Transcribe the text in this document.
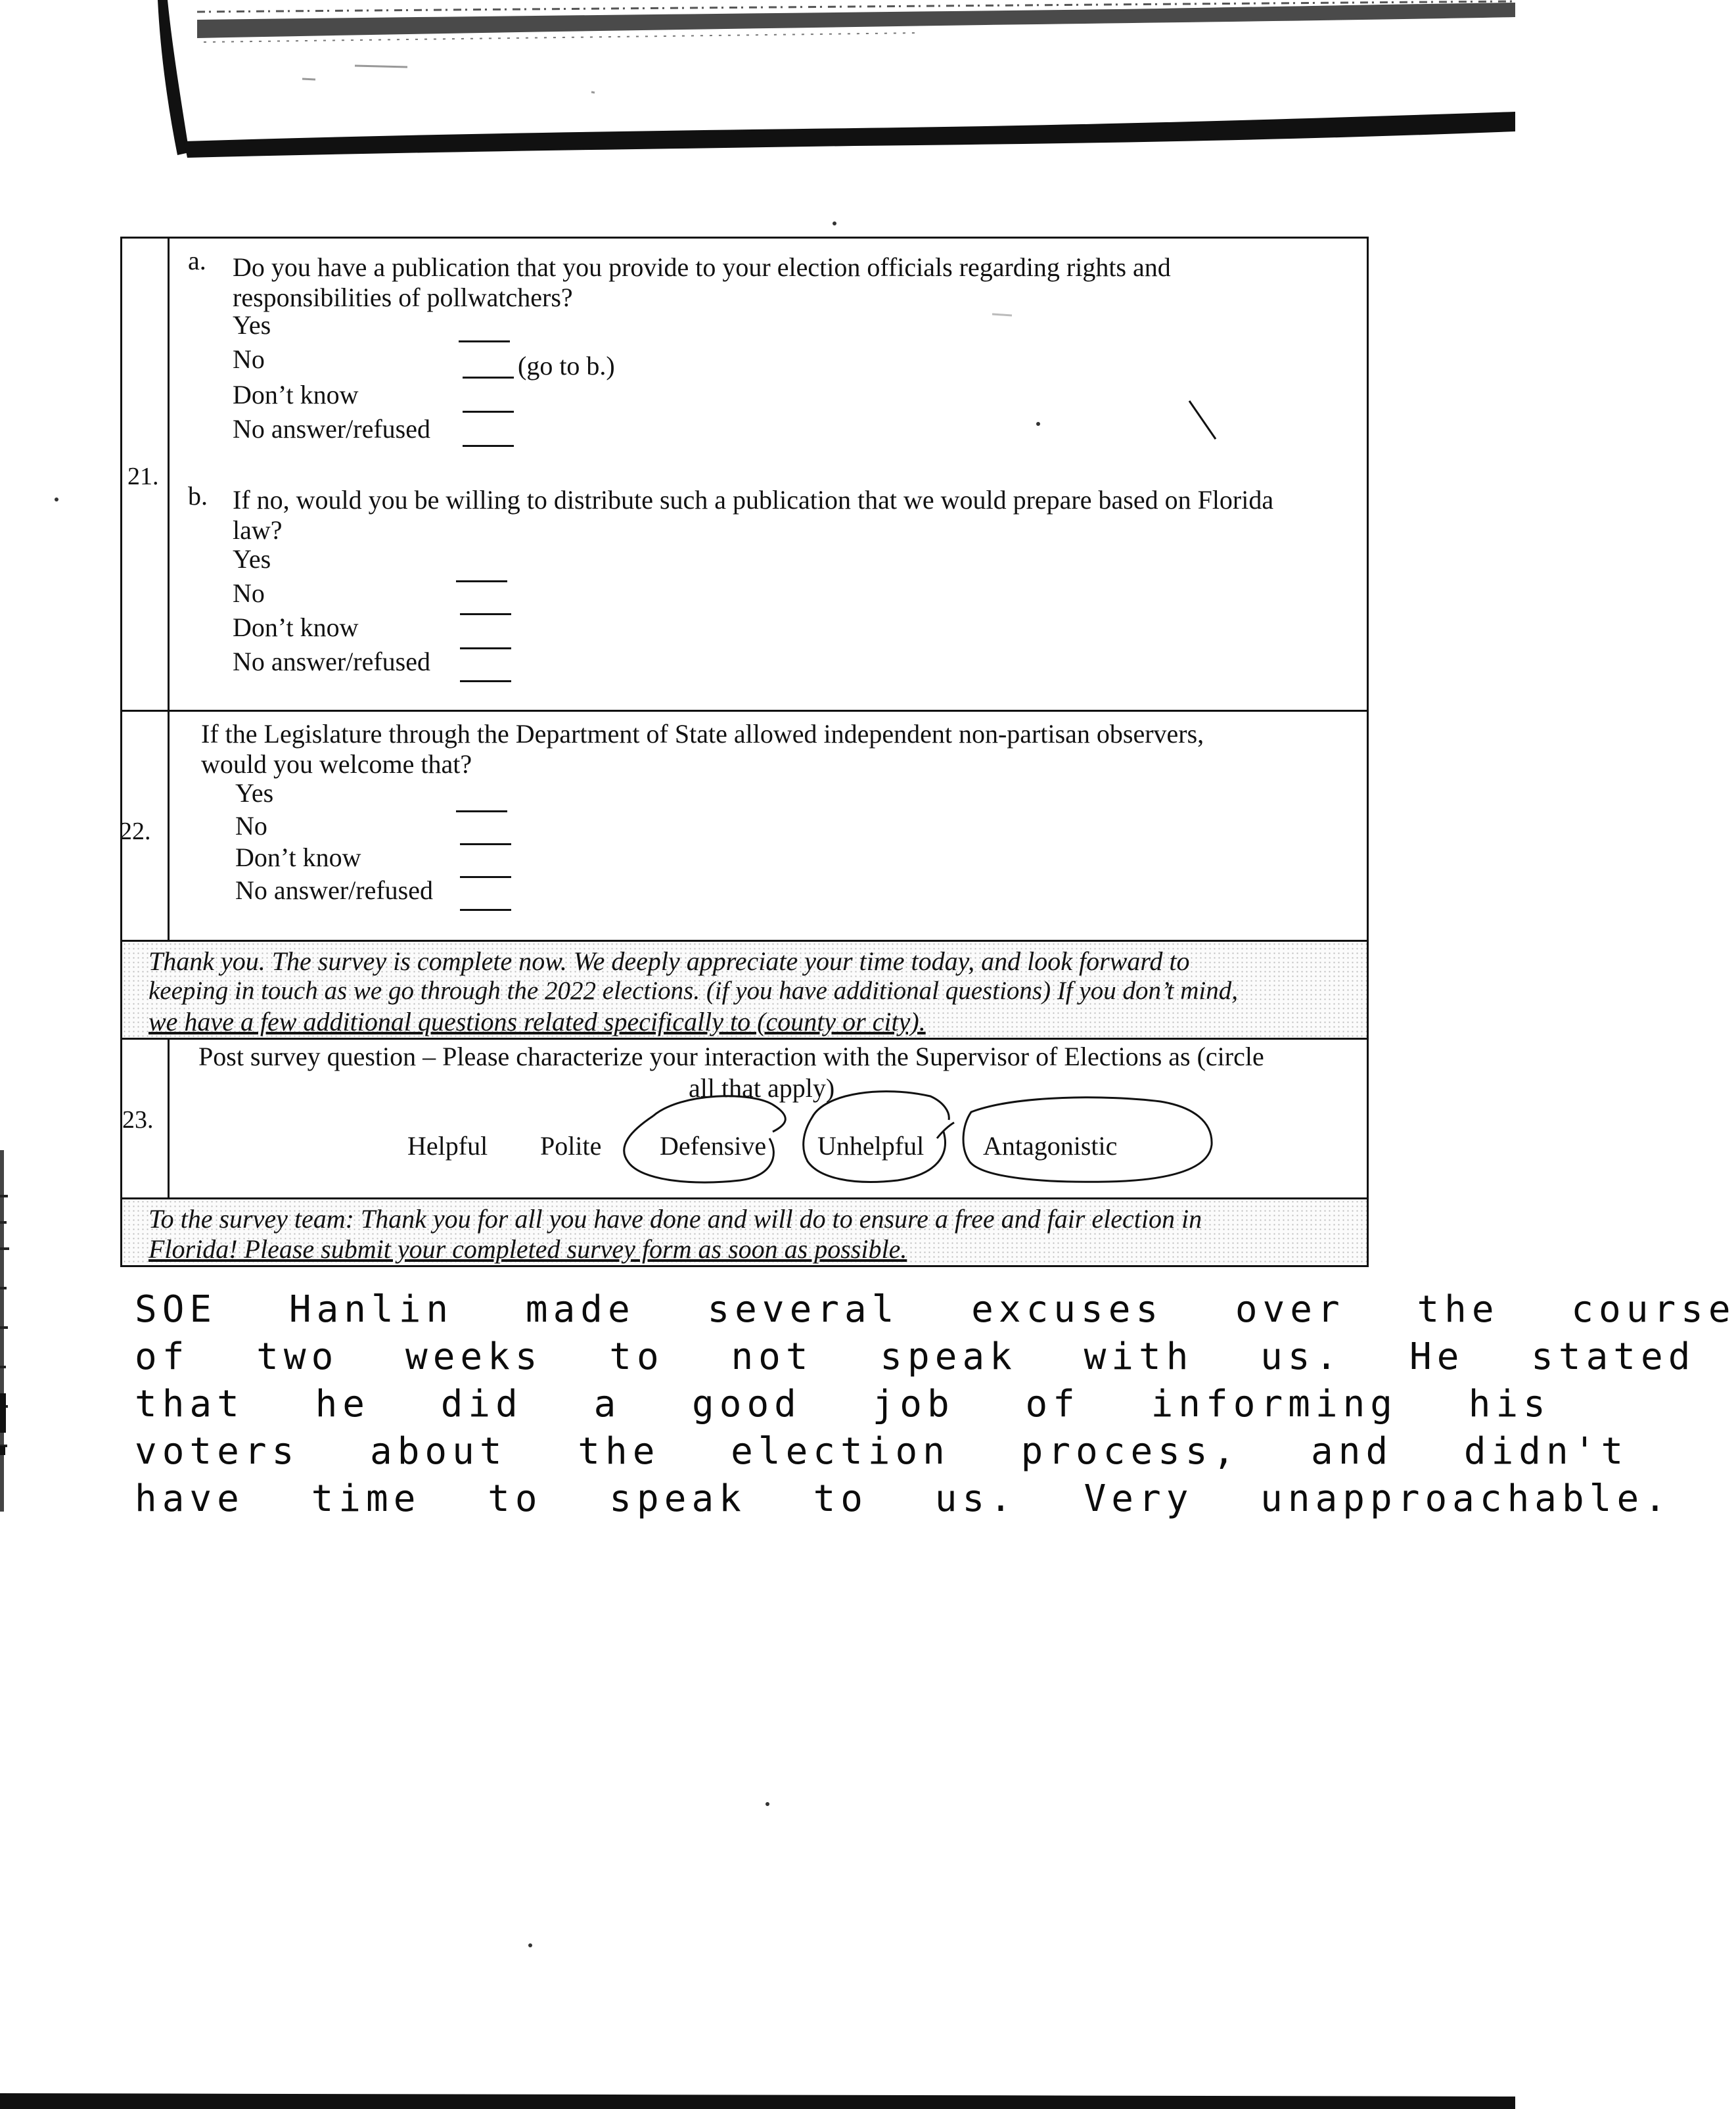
21.
a. Do you have a publication that you provide to your election officials regarding rights and
responsibilities of pollwatchers?
Yes
No
Don’t know
No answer/refused
(go to b.)
b. If no, would you be willing to distribute such a publication that we would prepare based on Florida
law?
Yes
No
Don’t know
No answer/refused
22.
If the Legislature through the Department of State allowed independent non-partisan observers,
would you welcome that?
Yes
No
Don’t know
No answer/refused
Thank you. The survey is complete now. We deeply appreciate your time today, and look forward to
keeping in touch as we go through the 2022 elections. (if you have additional questions) If you don’t mind,
we have a few additional questions related specifically to (county or city).
23.
Post survey question – Please characterize your interaction with the Supervisor of Elections as (circle
all that apply)
Helpful Polite Defensive Unhelpful Antagonistic
To the survey team: Thank you for all you have done and will do to ensure a free and fair election in
Florida! Please submit your completed survey form as soon as possible.
SOE Hanlin made several excuses over the course
of two weeks to not speak with us. He stated
that he did a good job of informing his
voters about the election process, and didn't
have time to speak to us. Very unapproachable.
